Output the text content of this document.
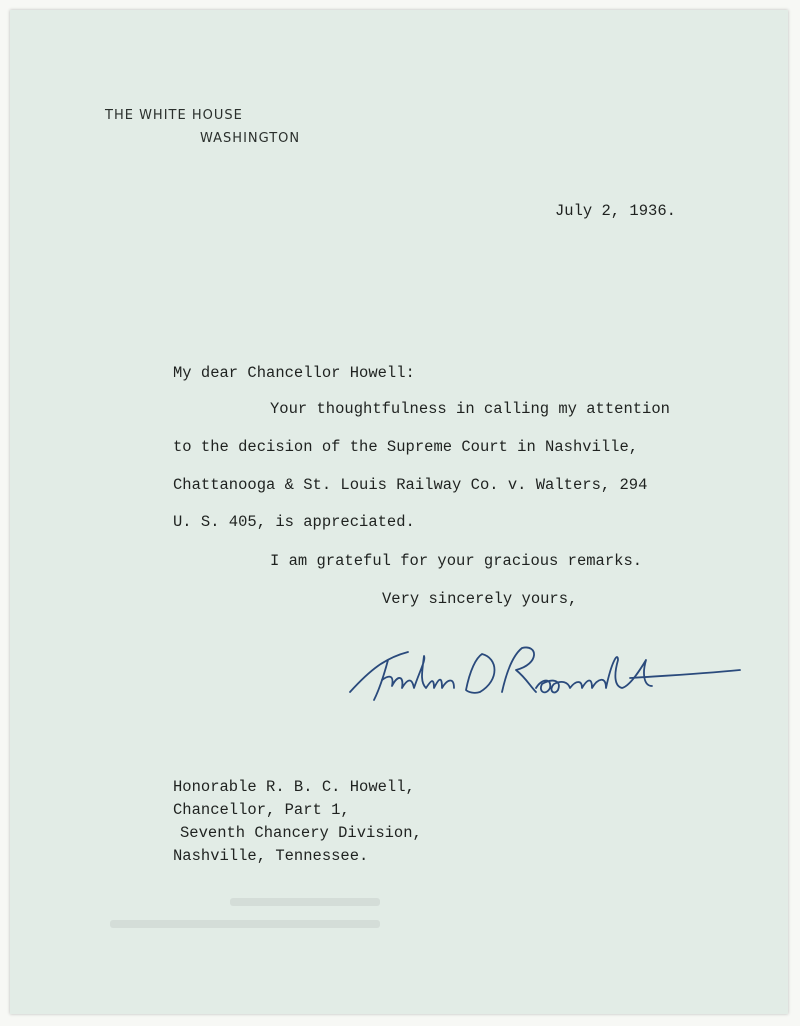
THE WHITE HOUSE
WASHINGTON
July 2, 1936.
My dear Chancellor Howell:
Your thoughtfulness in calling my attention
to the decision of the Supreme Court in Nashville,
Chattanooga & St. Louis Railway Co. v. Walters, 294
U. S. 405, is appreciated.
I am grateful for your gracious remarks.
Very sincerely yours,
Honorable R. B. C. Howell,
Chancellor, Part 1,
Seventh Chancery Division,
Nashville, Tennessee.
